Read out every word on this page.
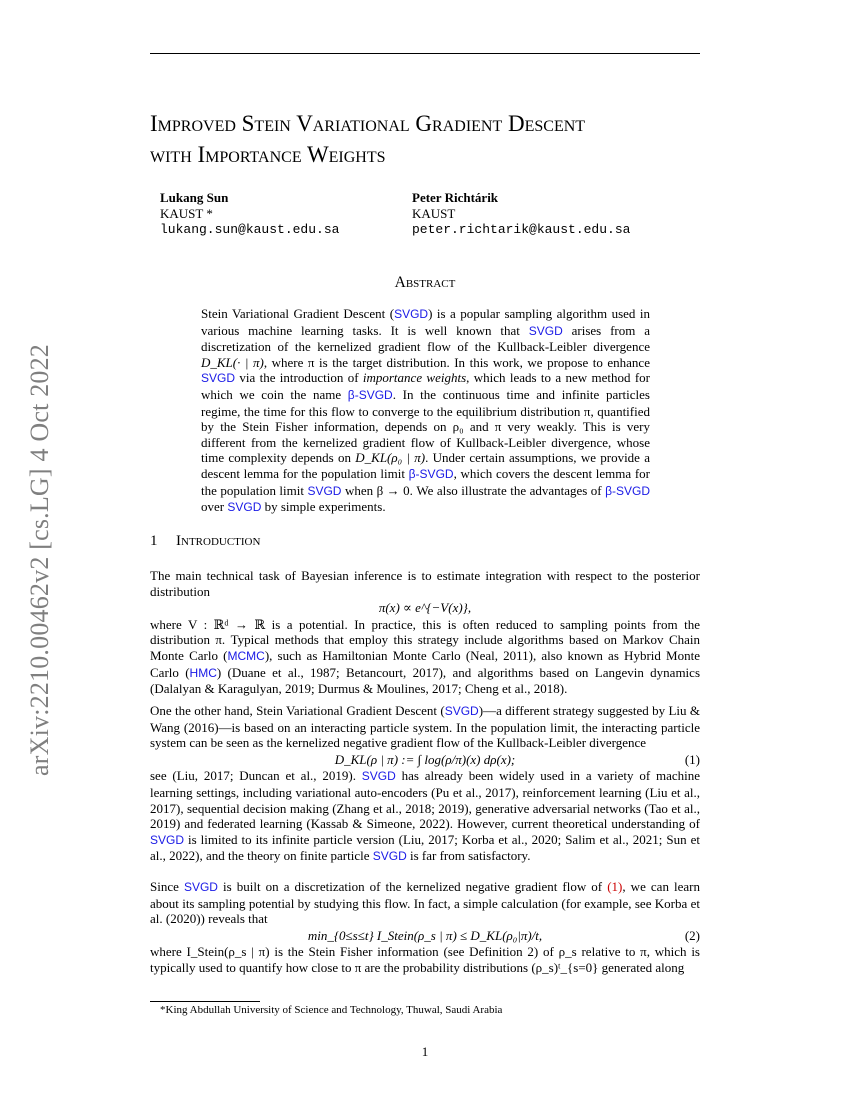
arXiv:2210.00462v2 [cs.LG] 4 Oct 2022
Improved Stein Variational Gradient Descent
with Importance Weights
Lukang Sun
KAUST *
lukang.sun@kaust.edu.sa
Peter Richtárik
KAUST
peter.richtarik@kaust.edu.sa
Abstract
Stein Variational Gradient Descent (SVGD) is a popular sampling algorithm used in various machine learning tasks. It is well known that SVGD arises from a discretization of the kernelized gradient flow of the Kullback-Leibler divergence D_KL(· | π), where π is the target distribution. In this work, we propose to enhance SVGD via the introduction of importance weights, which leads to a new method for which we coin the name β-SVGD. In the continuous time and infinite particles regime, the time for this flow to converge to the equilibrium distribution π, quantified by the Stein Fisher information, depends on ρ₀ and π very weakly. This is very different from the kernelized gradient flow of Kullback-Leibler divergence, whose time complexity depends on D_KL(ρ₀ | π). Under certain assumptions, we provide a descent lemma for the population limit β-SVGD, which covers the descent lemma for the population limit SVGD when β → 0. We also illustrate the advantages of β-SVGD over SVGD by simple experiments.
1 Introduction
The main technical task of Bayesian inference is to estimate integration with respect to the posterior distribution
π(x) ∝ e^{−V(x)},
where V : ℝᵈ → ℝ is a potential. In practice, this is often reduced to sampling points from the distribution π. Typical methods that employ this strategy include algorithms based on Markov Chain Monte Carlo (MCMC), such as Hamiltonian Monte Carlo (Neal, 2011), also known as Hybrid Monte Carlo (HMC) (Duane et al., 1987; Betancourt, 2017), and algorithms based on Langevin dynamics (Dalalyan & Karagulyan, 2019; Durmus & Moulines, 2017; Cheng et al., 2018).
One the other hand, Stein Variational Gradient Descent (SVGD)—a different strategy suggested by Liu & Wang (2016)—is based on an interacting particle system. In the population limit, the interacting particle system can be seen as the kernelized negative gradient flow of the Kullback-Leibler divergence
D_KL(ρ | π) := ∫ log(ρ/π)(x) dρ(x);	(1)
see (Liu, 2017; Duncan et al., 2019). SVGD has already been widely used in a variety of machine learning settings, including variational auto-encoders (Pu et al., 2017), reinforcement learning (Liu et al., 2017), sequential decision making (Zhang et al., 2018; 2019), generative adversarial networks (Tao et al., 2019) and federated learning (Kassab & Simeone, 2022). However, current theoretical understanding of SVGD is limited to its infinite particle version (Liu, 2017; Korba et al., 2020; Salim et al., 2021; Sun et al., 2022), and the theory on finite particle SVGD is far from satisfactory.
Since SVGD is built on a discretization of the kernelized negative gradient flow of (1), we can learn about its sampling potential by studying this flow. In fact, a simple calculation (for example, see Korba et al. (2020)) reveals that
min_{0≤s≤t} I_Stein(ρ_s | π) ≤ D_KL(ρ₀|π)/t,	(2)
where I_Stein(ρ_s | π) is the Stein Fisher information (see Definition 2) of ρ_s relative to π, which is typically used to quantify how close to π are the probability distributions (ρ_s)ᵗ_{s=0} generated along
*King Abdullah University of Science and Technology, Thuwal, Saudi Arabia
1
